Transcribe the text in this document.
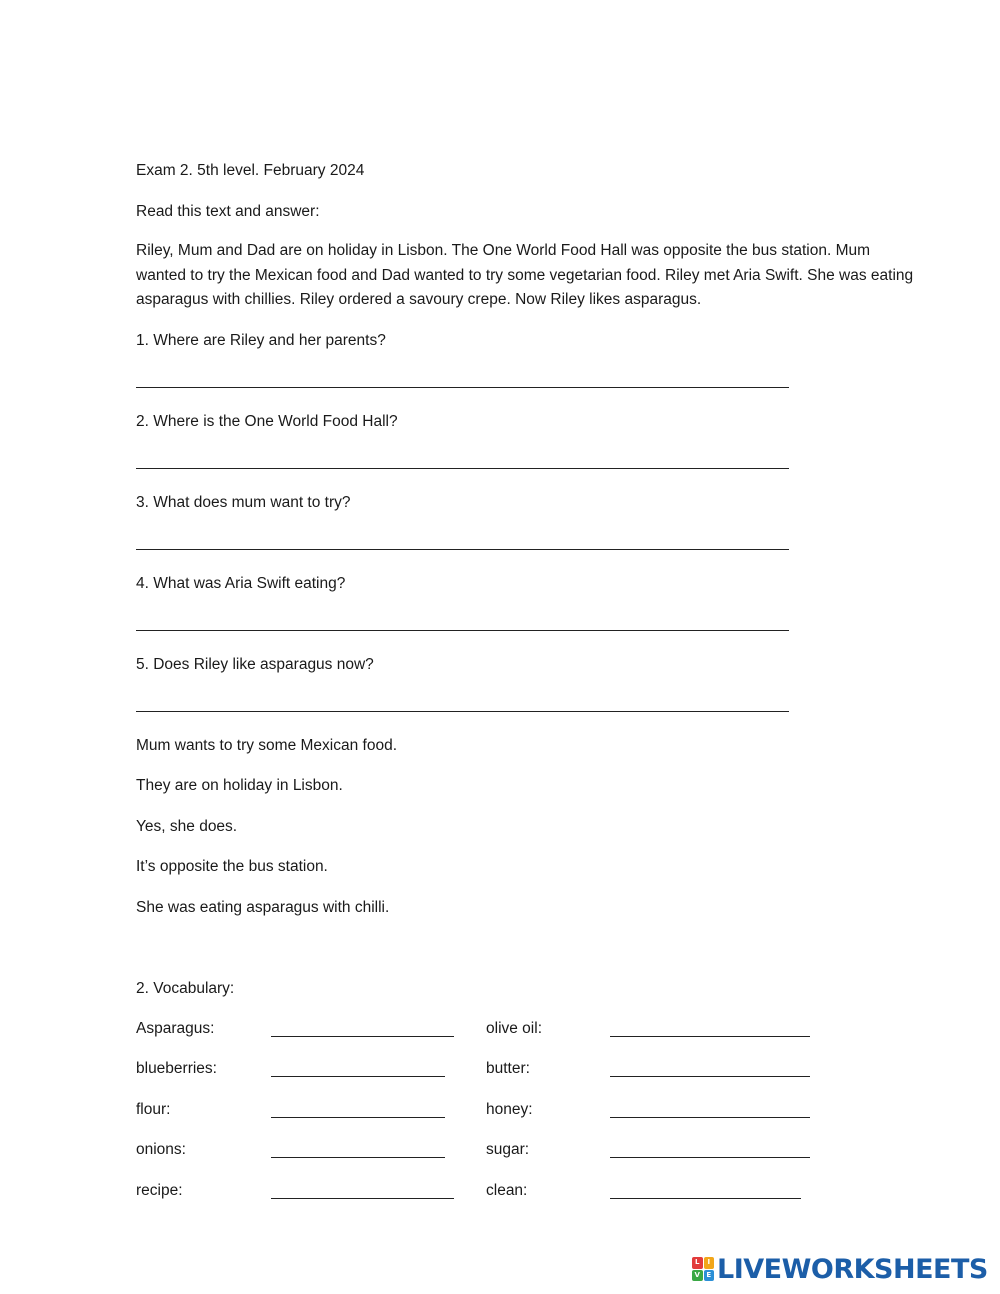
Exam 2. 5th level. February 2024
Read this text and answer:
Riley, Mum and Dad are on holiday in Lisbon. The One World Food Hall was opposite the bus station. Mum wanted to try the Mexican food and Dad wanted to try some vegetarian food. Riley met Aria Swift. She was eating asparagus with chillies. Riley ordered a savoury crepe. Now Riley likes asparagus.
1. Where are Riley and her parents?
2. Where is the One World Food Hall?
3. What does mum want to try?
4. What was Aria Swift eating?
5. Does Riley like asparagus now?
Mum wants to try some Mexican food.
They are on holiday in Lisbon.
Yes, she does.
It’s opposite the bus station.
She was eating asparagus with chilli.
2. Vocabulary:
Asparagus:	olive oil:
blueberries:	butter:
flour:	honey:
onions:	sugar:
recipe:	clean:
L	I
V E LIVEWORKSHEETS
